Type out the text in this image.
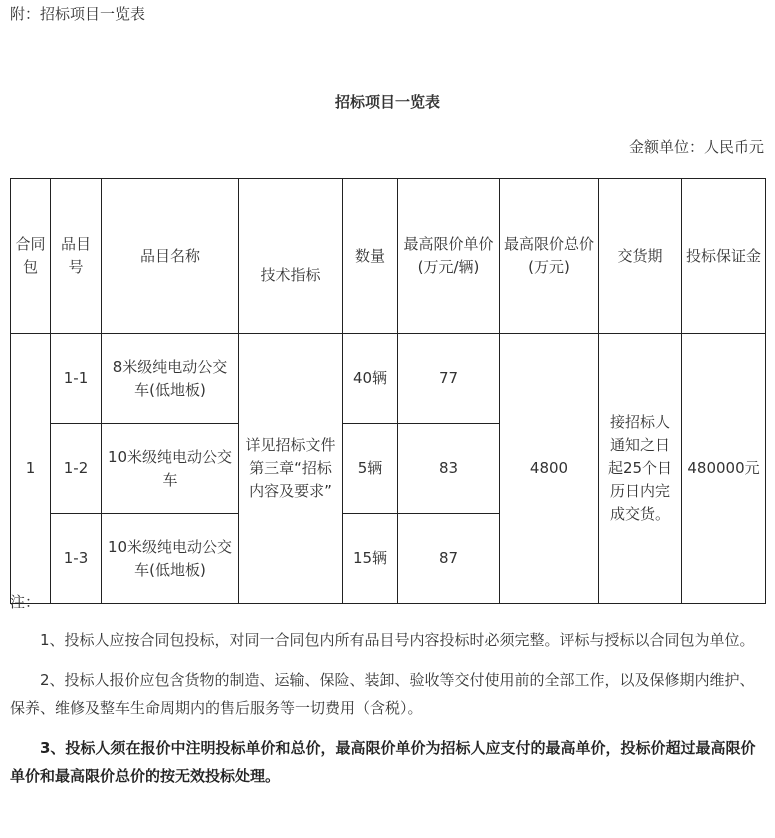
附：招标项目一览表
招标项目一览表
金额单位：人民币元
合同包	品目号	品目名称	技术指标	数量	最高限价单价(万元/辆)	最高限价总价(万元)	交货期	投标保证金
1	1-1	8米级纯电动公交车(低地板)	详见招标文件第三章“招标内容及要求”	40辆	77	4800	接招标人通知之日起25个日历日内完成交货。	480000元
	1-2	10米级纯电动公交车		5辆	83			
	1-3	10米级纯电动公交车(低地板)		15辆	87			
注：

1、投标人应按合同包投标，对同一合同包内所有品目号内容投标时必须完整。评标与授标以合同包为单位。

2、投标人报价应包含货物的制造、运输、保险、装卸、验收等交付使用前的全部工作，以及保修期内维护、保养、维修及整车生命周期内的售后服务等一切费用（含税）。

3、投标人须在报价中注明投标单价和总价，最高限价单价为招标人应支付的最高单价，投标价超过最高限价单价和最高限价总价的按无效投标处理。
